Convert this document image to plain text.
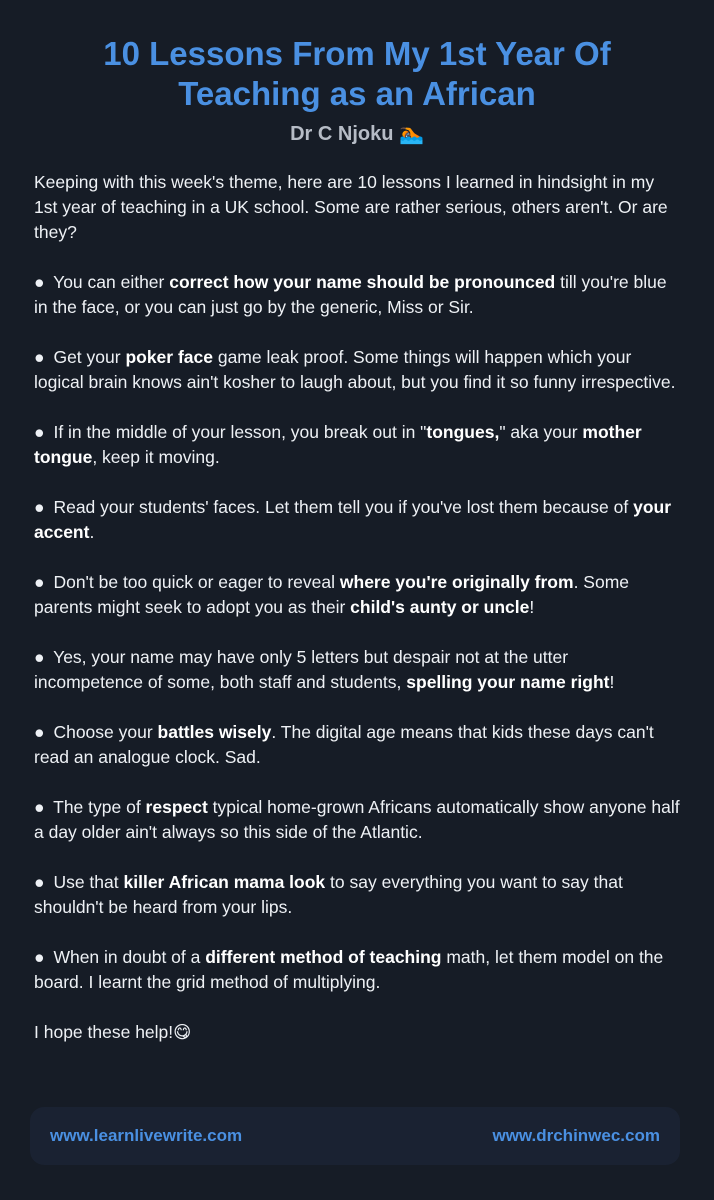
10 Lessons From My 1st Year Of Teaching as an African

Dr C Njoku 🏊🏿

Keeping with this week's theme, here are 10 lessons I learned in hindsight in my 1st year of teaching in a UK school. Some are rather serious, others aren't. Or are they?

● You can either correct how your name should be pronounced till you're blue in the face, or you can just go by the generic, Miss or Sir.

● Get your poker face game leak proof. Some things will happen which your logical brain knows ain't kosher to laugh about, but you find it so funny irrespective.

● If in the middle of your lesson, you break out in "tongues," aka your mother tongue, keep it moving.

● Read your students' faces. Let them tell you if you've lost them because of your accent.

● Don't be too quick or eager to reveal where you're originally from. Some parents might seek to adopt you as their child's aunty or uncle!

● Yes, your name may have only 5 letters but despair not at the utter incompetence of some, both staff and students, spelling your name right!

● Choose your battles wisely. The digital age means that kids these days can't read an analogue clock. Sad.

● The type of respect typical home-grown Africans automatically show anyone half a day older ain't always so this side of the Atlantic.

● Use that killer African mama look to say everything you want to say that shouldn't be heard from your lips.

● When in doubt of a different method of teaching math, let them model on the board. I learnt the grid method of multiplying.

I hope these help!😋

www.learnlivewrite.com	www.drchinwec.com
